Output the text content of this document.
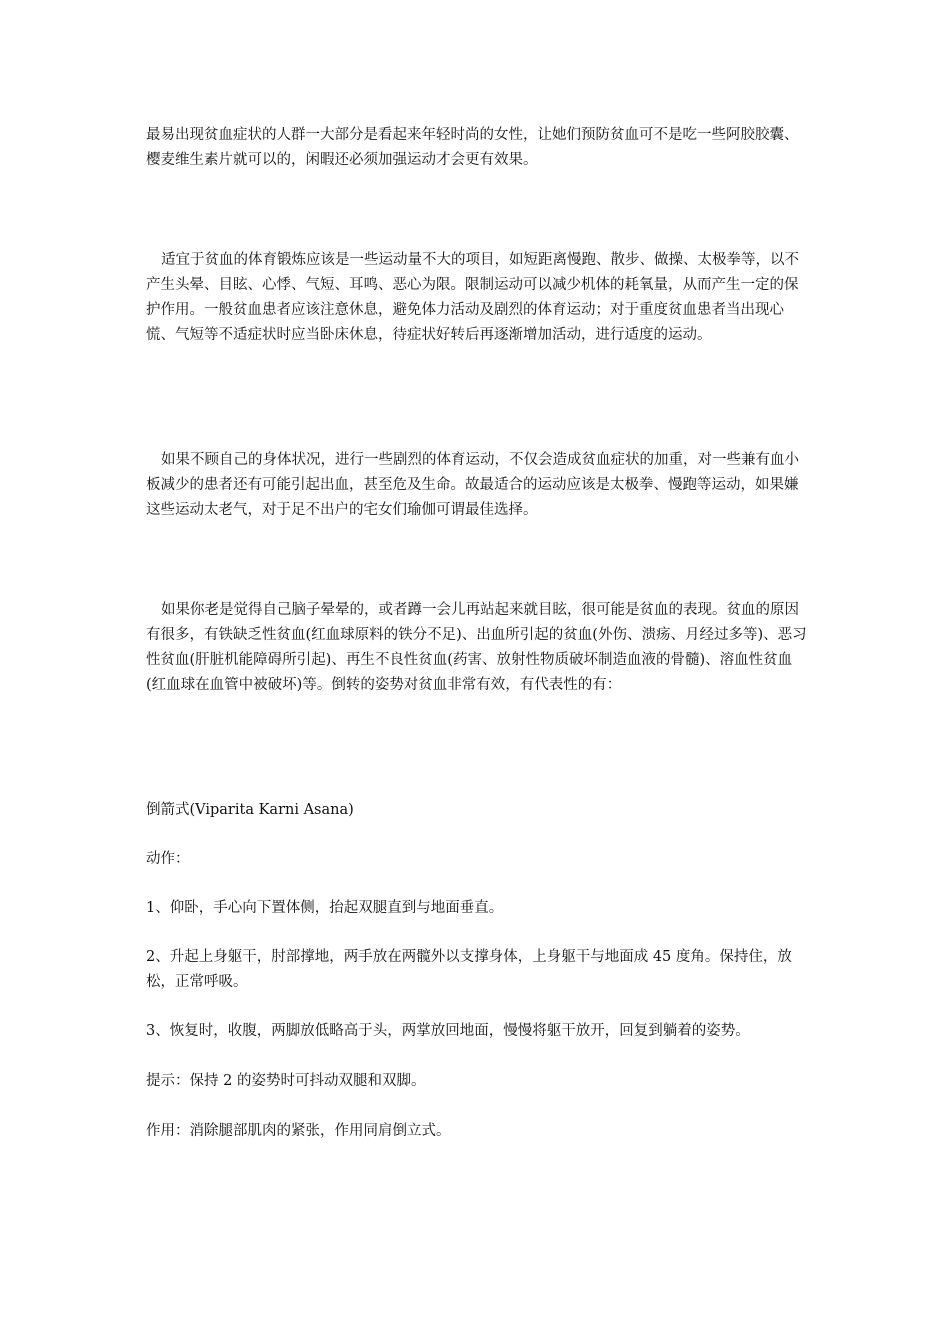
最易出现贫血症状的人群一大部分是看起来年轻时尚的女性，让她们预防贫血可不是吃一些阿胶胶囊、樱麦维生素片就可以的，闲暇还必须加强运动才会更有效果。

适宜于贫血的体育锻炼应该是一些运动量不大的项目，如短距离慢跑、散步、做操、太极拳等，以不产生头晕、目眩、心悸、气短、耳鸣、恶心为限。限制运动可以减少机体的耗氧量，从而产生一定的保护作用。一般贫血患者应该注意休息，避免体力活动及剧烈的体育运动；对于重度贫血患者当出现心慌、气短等不适症状时应当卧床休息，待症状好转后再逐渐增加活动，进行适度的运动。

如果不顾自己的身体状况，进行一些剧烈的体育运动，不仅会造成贫血症状的加重，对一些兼有血小板减少的患者还有可能引起出血，甚至危及生命。故最适合的运动应该是太极拳、慢跑等运动，如果嫌这些运动太老气，对于足不出户的宅女们瑜伽可谓最佳选择。

如果你老是觉得自己脑子晕晕的，或者蹲一会儿再站起来就目眩，很可能是贫血的表现。贫血的原因有很多，有铁缺乏性贫血(红血球原料的铁分不足)、出血所引起的贫血(外伤、溃疡、月经过多等)、恶习性贫血(肝脏机能障碍所引起)、再生不良性贫血(药害、放射性物质破坏制造血液的骨髓)、溶血性贫血(红血球在血管中被破坏)等。倒转的姿势对贫血非常有效，有代表性的有：

倒箭式(Viparita Karni Asana)

动作：

1、仰卧，手心向下置体侧，抬起双腿直到与地面垂直。

2、升起上身躯干，肘部撑地，两手放在两髋外以支撑身体，上身躯干与地面成 45 度角。保持住，放松，正常呼吸。

3、恢复时，收腹，两脚放低略高于头，两掌放回地面，慢慢将躯干放开，回复到躺着的姿势。

提示：保持 2 的姿势时可抖动双腿和双脚。

作用：消除腿部肌肉的紧张，作用同肩倒立式。
